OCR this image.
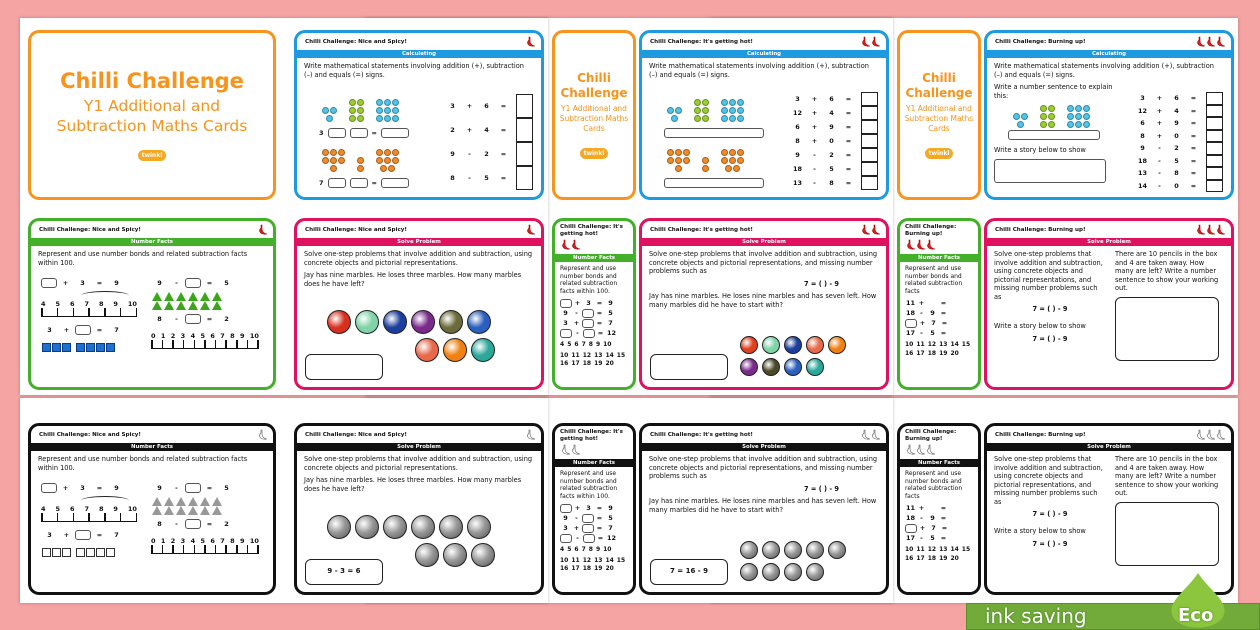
Chilli Challenge
Y1 Additional and
Subtraction Maths Cards
twinkl
Chilli Challenge: Burning up!
Calculating

Write mathematical statements involving addition (+), subtraction (–) and equals (=) signs.

3	+	6	=
12	+	4	=
6	+	9	=
8	+	0	=
9	-	2	=
18	-	5	=
13	-	8	=
14	-	0	=

Write a number sentence to explain this:

Write a story below to show

Chilli Challenge: Burning up!
Number Facts

Represent and use number bonds and related subtraction facts

11 +	=
18 -	9 =
+ 7 =
17 -	5 =
10 11 12 13 14 15
16 17 18 19 20
Chilli Challenge: Burning up!
Solve Problem

Solve one-step problems that involve addition and subtraction, using concrete objects and pictorial representations, and missing number problems such as

7 = ( ) - 9

Write a story below to show

7 = ( ) - 9

There are 10 pencils in the box and 4 are taken away. How many are left? Write a number sentence to show your working out.

Chilli Challenge
Y1 Additional and
Subtraction Maths Cards
twinkl
Chilli Challenge: It's getting hot!
Calculating

Write mathematical statements involving addition (+), subtraction (–) and equals (=) signs.

3	+	6	=
12	+	4	=
6	+	9	=
8	+	0	=
9	-	2	=
18	-	5	=
13	-	8	=
Chilli Challenge: It's getting hot!
Number Facts

Represent and use number bonds and related subtraction facts within 100.

+ 3 = 9
9	-	= 5
3 +	= 7
-	= 12
4 5 6 7 8 9 10
10 11 12 13 14 15
16 17 18 19 20
Chilli Challenge: It's getting hot!
Solve Problem

Solve one-step problems that involve addition and subtraction, using concrete objects and pictorial representations, and missing number problems such as

7 = ( ) - 9

Jay has nine marbles. He loses nine marbles and has seven left. How many marbles did he have to start with?

Chilli Challenge
Y1 Additional and
Subtraction Maths Cards
twinkl
Chilli Challenge: Nice and Spicy!
Calculating

Write mathematical statements involving addition (+), subtraction (–) and equals (=) signs.

3	+	6	=
2	+	4	=
9	-	2	=
8	-	5	=
3	=
7	=
Chilli Challenge: Nice and Spicy!
Number Facts

Represent and use number bonds and related subtraction facts within 100.

+	3	=	9
4 5 6 7 8 9 10
3	+	=	7
9	-	=	5
8	-	=	2
0 1 2 3 4 5 6 7 8 9 10
Chilli Challenge: Nice and Spicy!
Solve Problem

Solve one-step problems that involve addition and subtraction, using concrete objects and pictorial representations.

Jay has nine marbles. He loses three marbles. How many marbles does he have left?

Chilli Challenge: Burning up!
Number Facts

Represent and use number bonds and related subtraction facts

11 +	=
18 -	9 =
+ 7 =
17 -	5 =
10 11 12 13 14 15
16 17 18 19 20
Chilli Challenge: Burning up!
Solve Problem

Solve one-step problems that involve addition and subtraction, using concrete objects and pictorial representations, and missing number problems such as

7 = ( ) - 9

Write a story below to show

7 = ( ) - 9

There are 10 pencils in the box and 4 are taken away. How many are left? Write a number sentence to show your working out.

Chilli Challenge: It's getting hot!
Number Facts

Represent and use number bonds and related subtraction facts within 100.

+ 3 = 9
9	-	= 5
3 +	= 7
-	= 12
4 5 6 7 8 9 10
10 11 12 13 14 15
16 17 18 19 20
Chilli Challenge: It's getting hot!
Solve Problem

Solve one-step problems that involve addition and subtraction, using concrete objects and pictorial representations, and missing number problems such as

7 = ( ) - 9

Jay has nine marbles. He loses nine marbles and has seven left. How many marbles did he have to start with?

7 = 16 - 9
Chilli Challenge: Nice and Spicy!
Number Facts

Represent and use number bonds and related subtraction facts within 100.

+	3	=	9
4 5 6 7 8 9 10
3	+	=	7
9	-	=	5
8	-	=	2
0 1 2 3 4 5 6 7 8 9 10
Chilli Challenge: Nice and Spicy!
Solve Problem

Solve one-step problems that involve addition and subtraction, using concrete objects and pictorial representations.

Jay has nine marbles. He loses three marbles. How many marbles does he have left?

9 - 3 = 6
ink saving	Eco
